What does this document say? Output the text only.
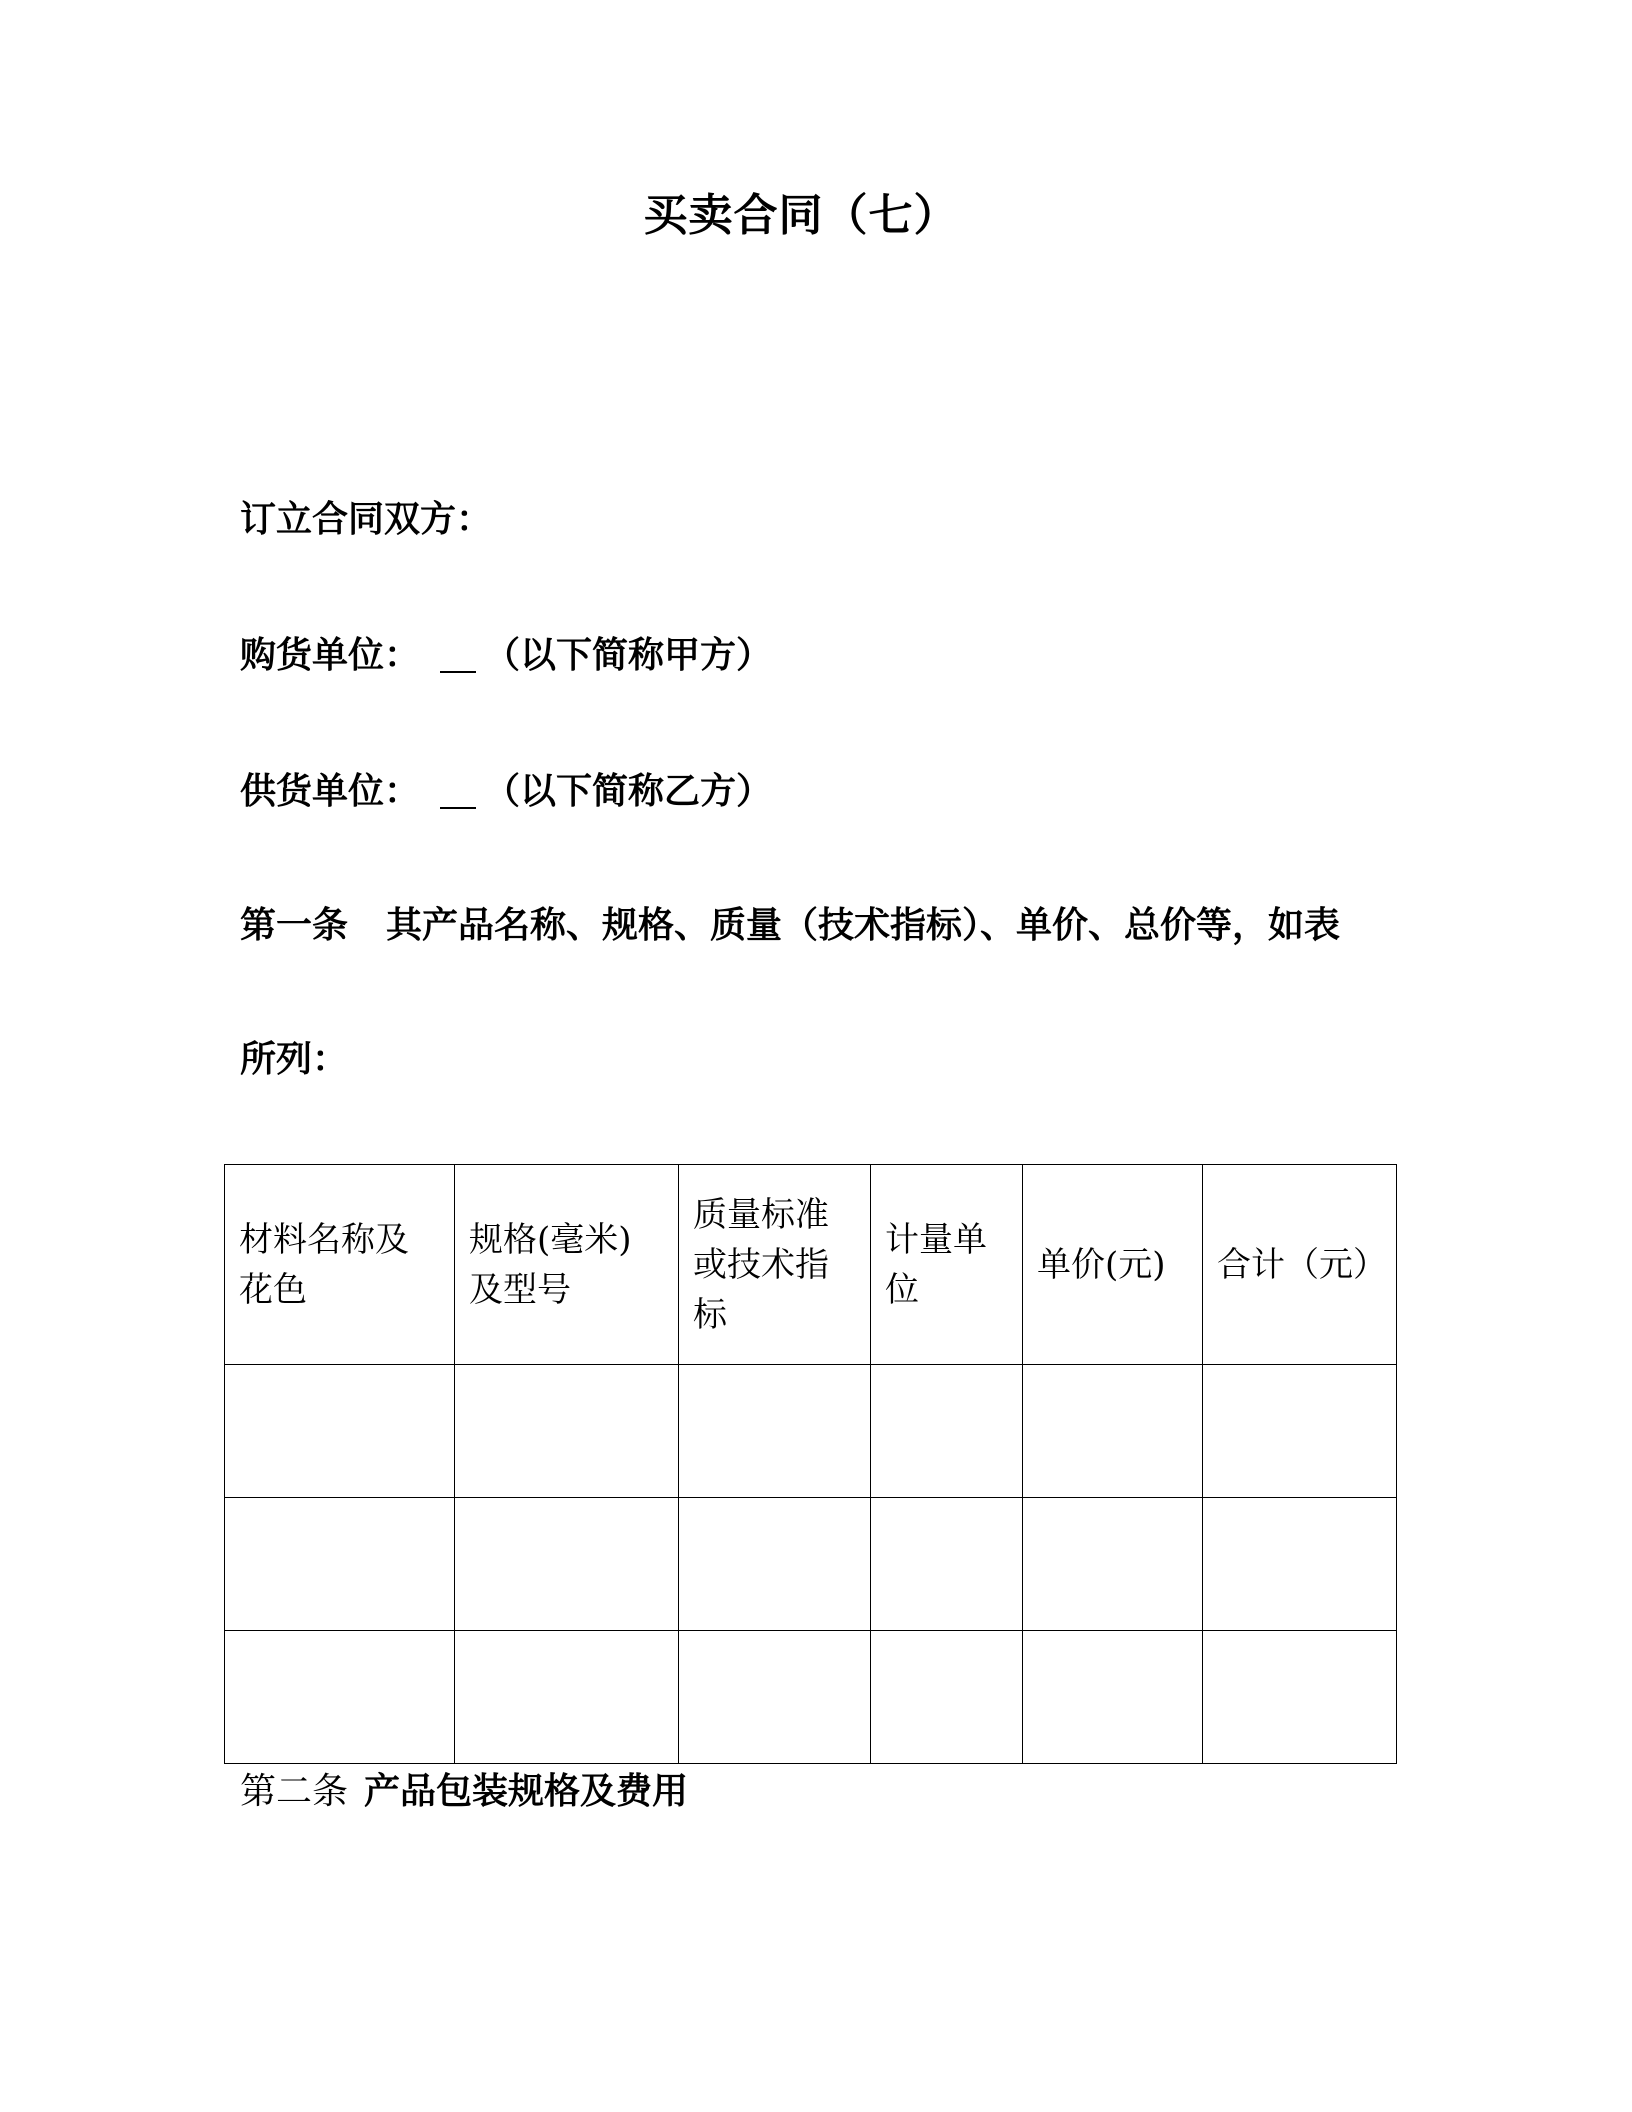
买卖合同（七）
订立合同双方：
购货单位： （以下简称甲方）
供货单位： （以下简称乙方）
第一条 其产品名称、规格、质量（技术指标）、单价、总价等，如表
所列：
材料名称及花色	规格(毫米)及型号	质量标准或技术指标	计量单位	单价(元)	合计（元）

第二条 产品包装规格及费用
